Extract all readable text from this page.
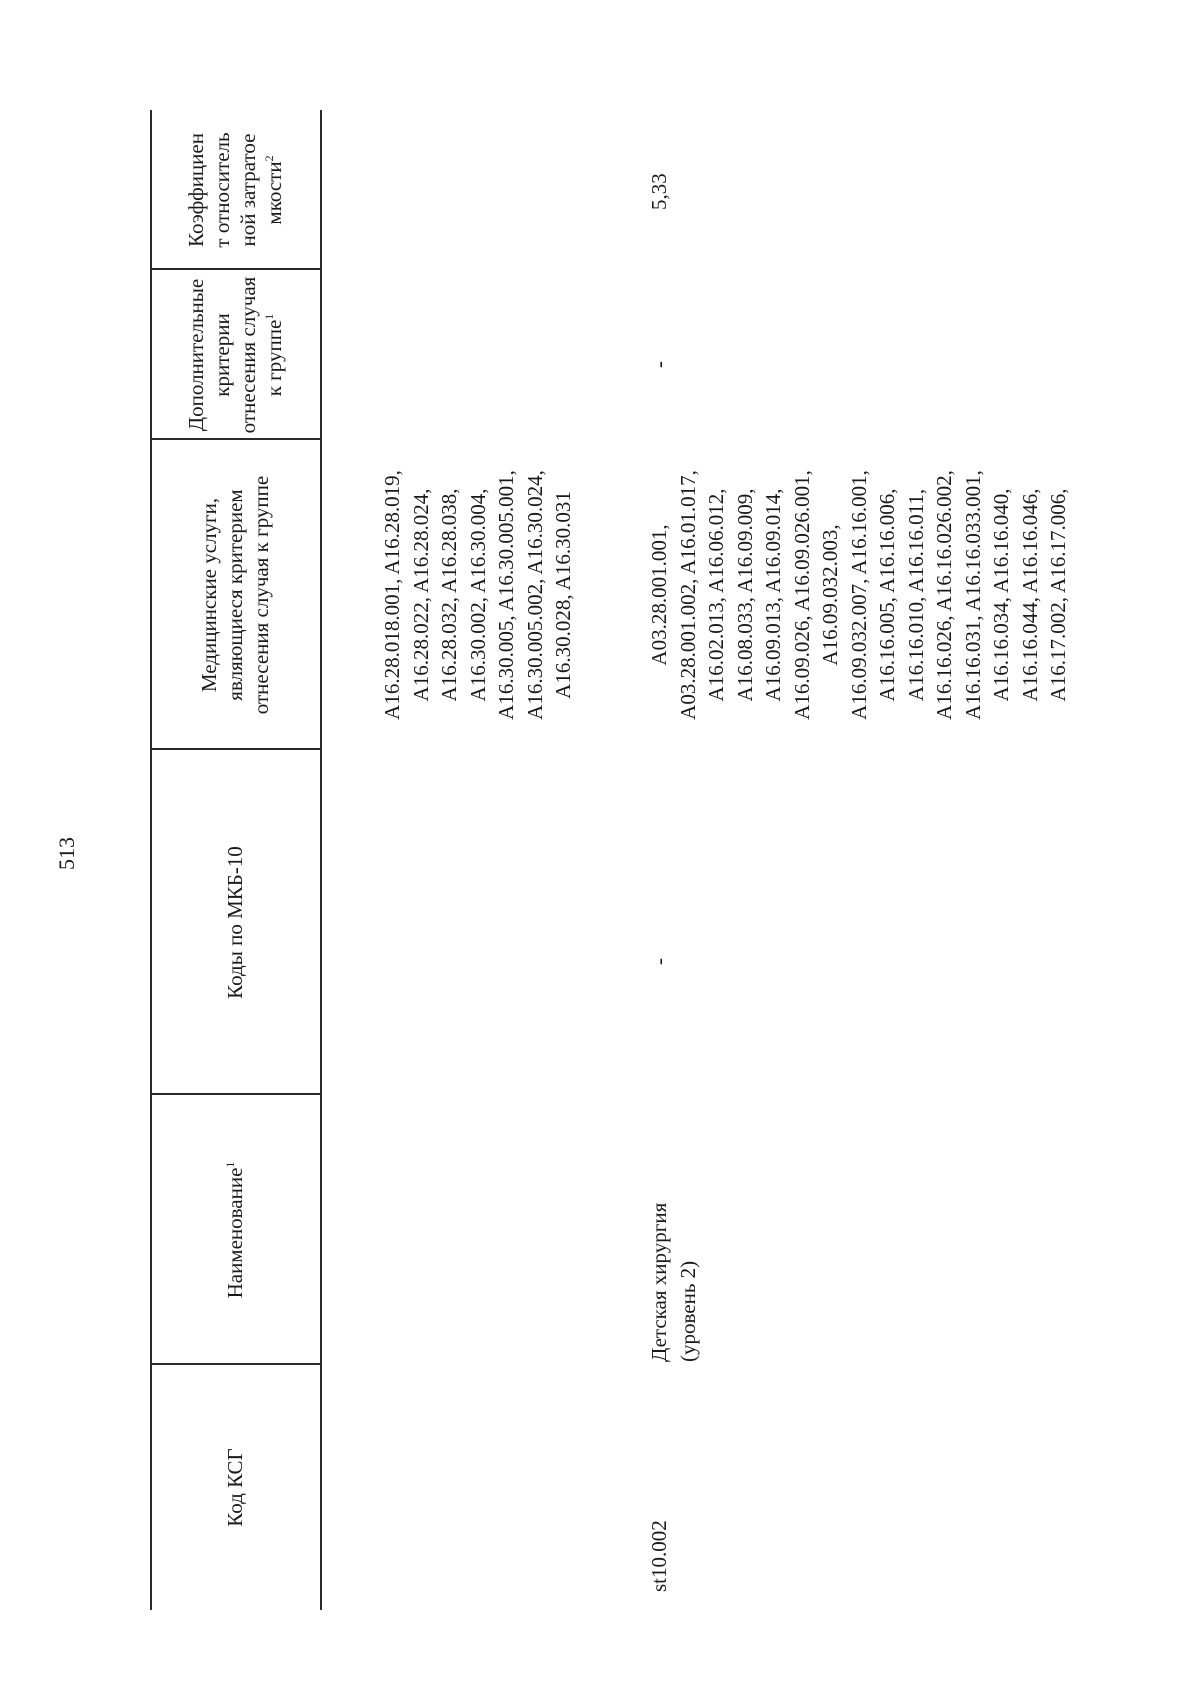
513
Код КСГ
Наименование$^1$
Коды по МКБ-10
Медицинские услуги, являющиеся критерием отнесения случая к группе
Дополнительные критерии отнесения случая к группе$^1$
Коэффициент относительной затратоемкости$^2$
A16.28.018.001, A16.28.019, A16.28.022, A16.28.024, A16.28.032, A16.28.038, A16.30.002, A16.30.004, A16.30.005, A16.30.005.001, A16.30.005.002, A16.30.024, A16.30.028, A16.30.031
st10.002
Детская хирургия (уровень 2)
-
A03.28.001.001, A03.28.001.002, A16.01.017, A16.02.013, A16.06.012, A16.08.033, A16.09.009, A16.09.013, A16.09.014, A16.09.026, A16.09.026.001, A16.09.032.003, A16.09.032.007, A16.16.001, A16.16.005, A16.16.006, A16.16.010, A16.16.011, A16.16.026, A16.16.026.002, A16.16.031, A16.16.033.001, A16.16.034, A16.16.040, A16.16.044, A16.16.046, A16.17.002, A16.17.006,
-
5,33
